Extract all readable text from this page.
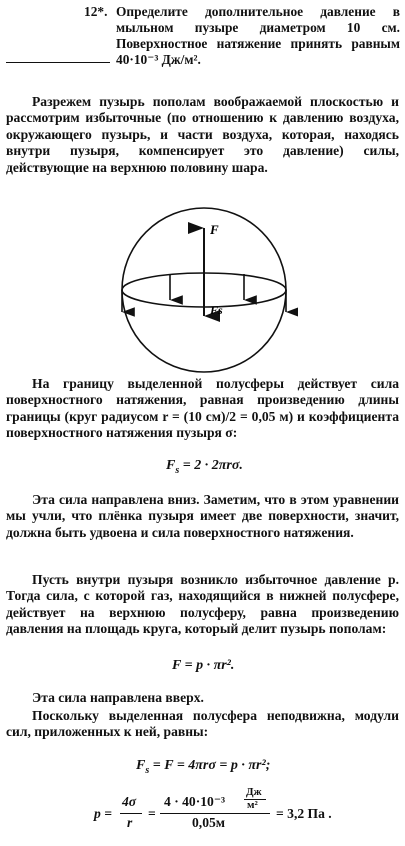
Определите дополнительное давление в мыльном пузыре диаметром 10 см. Поверхностное натяжение принять равным 40·10⁻³ Дж/м².
12*.
Разрежем пузырь пополам воображаемой плоскостью и рассмотрим избыточные (по отношению к давлению воздуха, окружающего пузырь, и части воздуха, которая, находясь внутри пузыря, компенсирует это давление) силы, действующие на верхнюю половину шара.
F
Fs
На границу выделенной полусферы действует сила поверхностного натяжения, равная произведению длины границы (круг радиусом r = (10 см)/2 = 0,05 м) и коэффициента поверхностного натяжения пузыря σ:
$F_s = 2 \cdot 2\pi r\sigma$.
Эта сила направлена вниз. Заметим, что в этом уравнении мы учли, что плёнка пузыря имеет две поверхности, значит, должна быть удвоена и сила поверхностного натяжения.
Пусть внутри пузыря возникло избыточное давление p. Тогда сила, с которой газ, находящийся в нижней полусфере, действует на верхнюю полусферу, равна произведению давления на площадь круга, который делит пузырь пополам:
F = p · πr².
Эта сила направлена вверх.
Поскольку выделенная полусфера неподвижна, модули сил, приложенных к ней, равны:
$F_s = F = 4\pi r\sigma = p \cdot \pi r^2$;
p =
4σ
r
=
4 · 40·10⁻³
Дж
м²
0,05м
= 3,2 Па .
